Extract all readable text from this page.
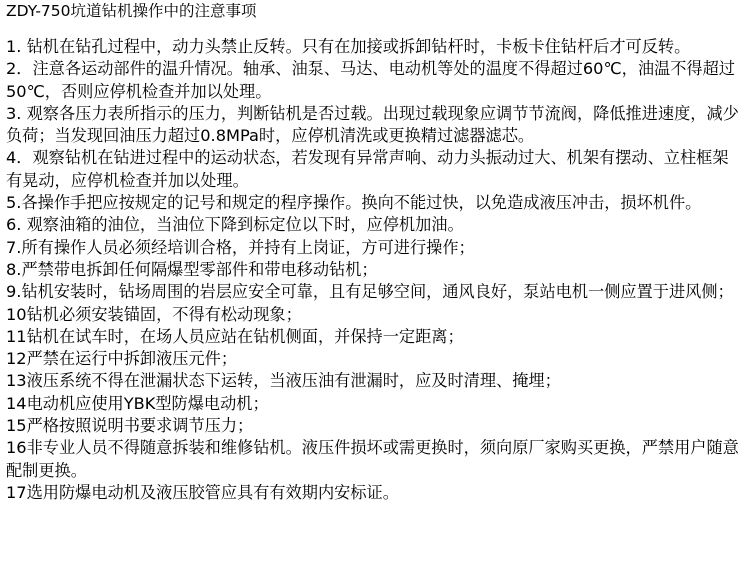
ZDY-750坑道钻机操作中的注意事项
1. 钻机在钻孔过程中，动力头禁止反转。只有在加接或拆卸钻杆时，卡板卡住钻杆后才可反转。
2．注意各运动部件的温升情况。轴承、油泵、马达、电动机等处的温度不得超过60℃，油温不得超过50℃，否则应停机检查并加以处理。
3. 观察各压力表所指示的压力，判断钻机是否过载。出现过载现象应调节节流阀，降低推进速度，减少负荷；当发现回油压力超过0.8MPa时，应停机清洗或更换精过滤器滤芯。
4．观察钻机在钻进过程中的运动状态，若发现有异常声响、动力头振动过大、机架有摆动、立柱框架有晃动，应停机检查并加以处理。
5.各操作手把应按规定的记号和规定的程序操作。换向不能过快，以免造成液压冲击，损坏机件。
6. 观察油箱的油位，当油位下降到标定位以下时，应停机加油。
7.所有操作人员必须经培训合格，并持有上岗证，方可进行操作；
8.严禁带电拆卸任何隔爆型零部件和带电移动钻机；
9.钻机安装时，钻场周围的岩层应安全可靠，且有足够空间，通风良好，泵站电机一侧应置于进风侧；
10钻机必须安装锚固，不得有松动现象；
11钻机在试车时，在场人员应站在钻机侧面，并保持一定距离；
12严禁在运行中拆卸液压元件；
13液压系统不得在泄漏状态下运转，当液压油有泄漏时，应及时清理、掩埋；
14电动机应使用YBK型防爆电动机；
15严格按照说明书要求调节压力；
16非专业人员不得随意拆装和维修钻机。液压件损坏或需更换时，须向原厂家购买更换，严禁用户随意配制更换。
17选用防爆电动机及液压胶管应具有有效期内安标证。
